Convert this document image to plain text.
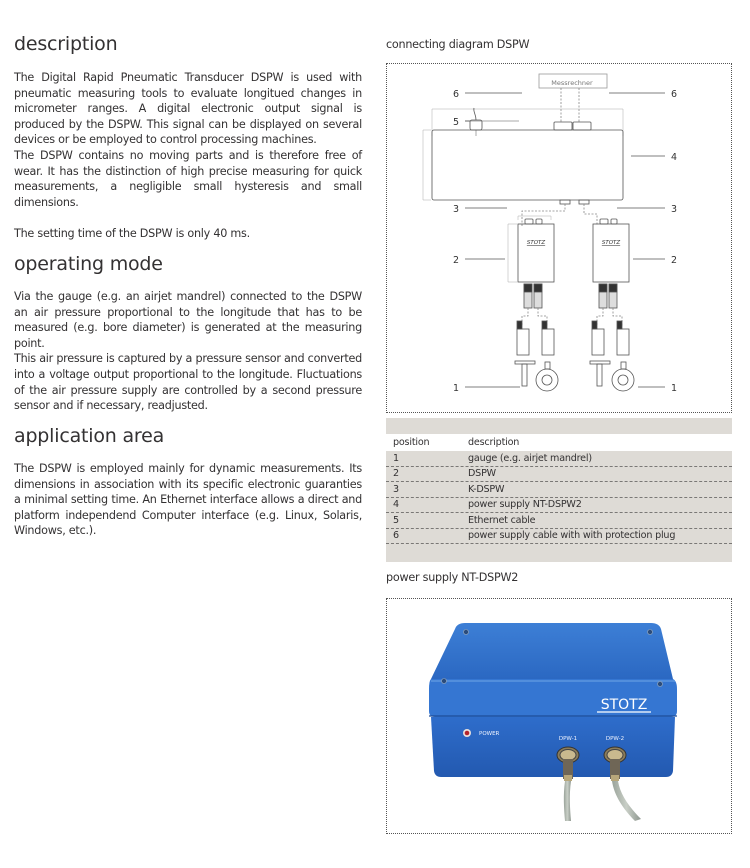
description

The Digital Rapid Pneumatic Transducer DSPW is used with pneumatic measuring tools to evaluate longitued changes in micrometer ranges. A digital electronic output signal is produced by the DSPW. This signal can be displayed on several devices or be employed to control processing machines.

The DSPW contains no moving parts and is therefore free of wear. It has the distinction of high precise measuring for quick measurements, a negligible small hysteresis and small dimensions.

The setting time of the DSPW is only 40 ms.

operating mode

Via the gauge (e.g. an airjet mandrel) connected to the DSPW an air pressure proportional to the longitude that has to be measured (e.g. bore diameter) is generated at the measuring point.

This air pressure is captured by a pressure sensor and converted into a voltage output proportional to the longitude. Fluctuations of the air pressure supply are controlled by a second pressure sensor and if necessary, readjusted.

application area

The DSPW is employed mainly for dynamic measurements. Its dimensions in association with its specific electronic guaranties a minimal setting time. An Ethernet interface allows a direct and platform independend Computer interface (e.g. Linux, Solaris, Windows, etc.).

connecting diagram DSPW
Messrechner
STOTZ	STOTZ
6	6
5
4
3	3
2	2
1	1
position	description
1	gauge (e.g. airjet mandrel)
2	DSPW
3	K-DSPW
4	power supply NT-DSPW2
5	Ethernet cable
6	power supply cable with with protection plug
power supply NT-DSPW2
STOTZ
POWER
DPW-1	DPW-2
